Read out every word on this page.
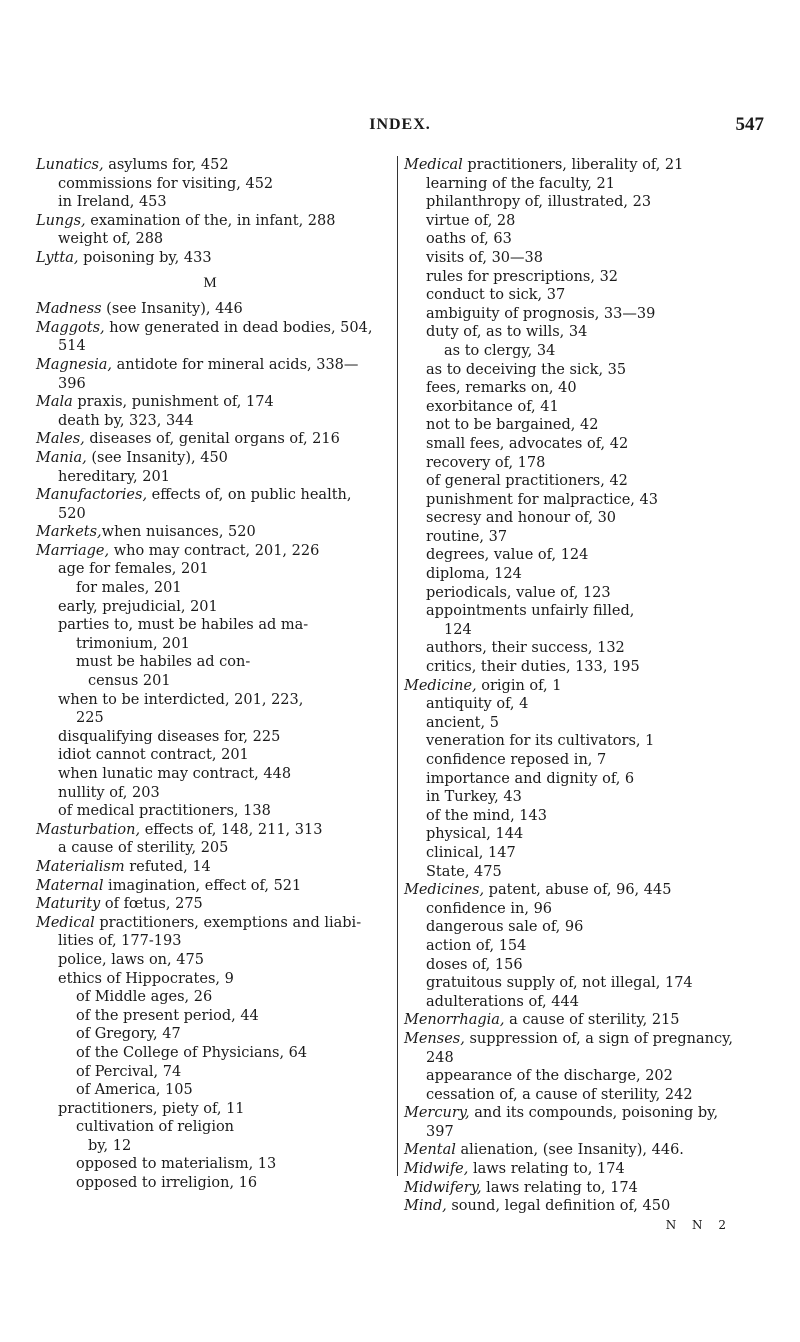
INDEX.	547
Lunatics, asylums for, 452
commissions for visiting, 452
in Ireland, 453
Lungs, examination of the, in infant, 288
weight of, 288
Lytta, poisoning by, 433
M
Madness (see Insanity), 446
Maggots, how generated in dead bodies, 504,
514
Magnesia, antidote for mineral acids, 338—
396
Mala praxis, punishment of, 174
death by, 323, 344
Males, diseases of, genital organs of, 216
Mania, (see Insanity), 450
hereditary, 201
Manufactories, effects of, on public health,
520
Markets,when nuisances, 520
Marriage, who may contract, 201, 226
age for females, 201
for males, 201
early, prejudicial, 201
parties to, must be habiles ad ma-
trimonium, 201
must be habiles ad con-
census 201
when to be interdicted, 201, 223,
225
disqualifying diseases for, 225
idiot cannot contract, 201
when lunatic may contract, 448
nullity of, 203
of medical practitioners, 138
Masturbation, effects of, 148, 211, 313
a cause of sterility, 205
Materialism refuted, 14
Maternal imagination, effect of, 521
Maturity of fœtus, 275
Medical practitioners, exemptions and liabi-
lities of, 177-193
police, laws on, 475
ethics of Hippocrates, 9
of Middle ages, 26
of the present period, 44
of Gregory, 47
of the College of Physicians, 64
of Percival, 74
of America, 105
practitioners, piety of, 11
cultivation of religion
by, 12
opposed to materialism, 13
opposed to irreligion, 16
Medical practitioners, liberality of, 21
learning of the faculty, 21
philanthropy of, illustrated, 23
virtue of, 28
oaths of, 63
visits of, 30—38
rules for prescriptions, 32
conduct to sick, 37
ambiguity of prognosis, 33—39
duty of, as to wills, 34
as to clergy, 34
as to deceiving the sick, 35
fees, remarks on, 40
exorbitance of, 41
not to be bargained, 42
small fees, advocates of, 42
recovery of, 178
of general practitioners, 42
punishment for malpractice, 43
secresy and honour of, 30
routine, 37
degrees, value of, 124
diploma, 124
periodicals, value of, 123
appointments unfairly filled,
124
authors, their success, 132
critics, their duties, 133, 195
Medicine, origin of, 1
antiquity of, 4
ancient, 5
veneration for its cultivators, 1
confidence reposed in, 7
importance and dignity of, 6
in Turkey, 43
of the mind, 143
physical, 144
clinical, 147
State, 475
Medicines, patent, abuse of, 96, 445
confidence in, 96
dangerous sale of, 96
action of, 154
doses of, 156
gratuitous supply of, not illegal, 174
adulterations of, 444
Menorrhagia, a cause of sterility, 215
Menses, suppression of, a sign of pregnancy,
248
appearance of the discharge, 202
cessation of, a cause of sterility, 242
Mercury, and its compounds, poisoning by,
397
Mental alienation, (see Insanity), 446.
Midwife, laws relating to, 174
Midwifery, laws relating to, 174
Mind, sound, legal definition of, 450
N N 2
